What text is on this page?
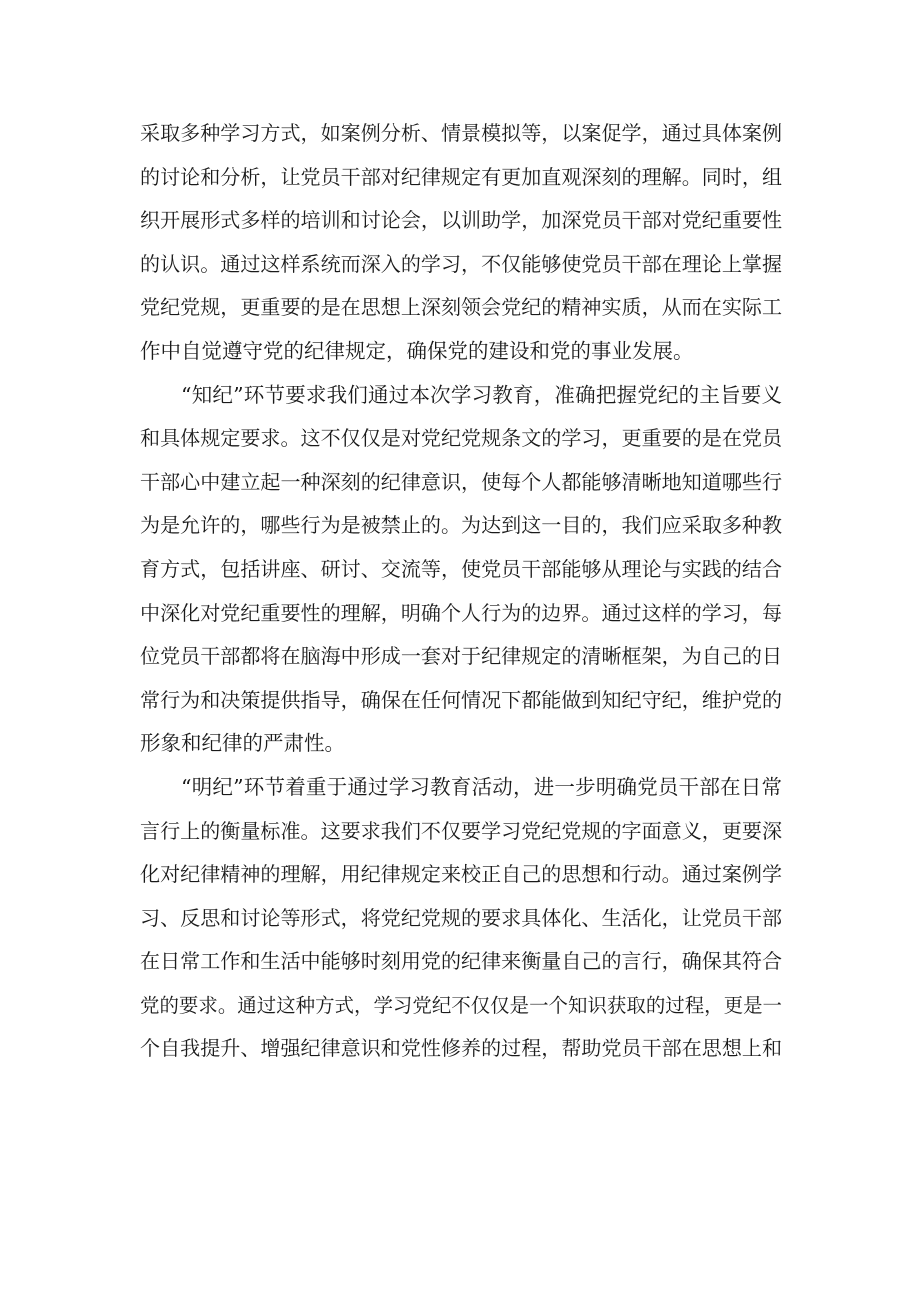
采取多种学习方式，如案例分析、情景模拟等，以案促学，通过具体案例
的讨论和分析，让党员干部对纪律规定有更加直观深刻的理解。同时，组
织开展形式多样的培训和讨论会，以训助学，加深党员干部对党纪重要性
的认识。通过这样系统而深入的学习，不仅能够使党员干部在理论上掌握
党纪党规，更重要的是在思想上深刻领会党纪的精神实质，从而在实际工
作中自觉遵守党的纪律规定，确保党的建设和党的事业发展。
“知纪”环节要求我们通过本次学习教育，准确把握党纪的主旨要义
和具体规定要求。这不仅仅是对党纪党规条文的学习，更重要的是在党员
干部心中建立起一种深刻的纪律意识，使每个人都能够清晰地知道哪些行
为是允许的，哪些行为是被禁止的。为达到这一目的，我们应采取多种教
育方式，包括讲座、研讨、交流等，使党员干部能够从理论与实践的结合
中深化对党纪重要性的理解，明确个人行为的边界。通过这样的学习，每
位党员干部都将在脑海中形成一套对于纪律规定的清晰框架，为自己的日
常行为和决策提供指导，确保在任何情况下都能做到知纪守纪，维护党的
形象和纪律的严肃性。
“明纪”环节着重于通过学习教育活动，进一步明确党员干部在日常
言行上的衡量标准。这要求我们不仅要学习党纪党规的字面意义，更要深
化对纪律精神的理解，用纪律规定来校正自己的思想和行动。通过案例学
习、反思和讨论等形式，将党纪党规的要求具体化、生活化，让党员干部
在日常工作和生活中能够时刻用党的纪律来衡量自己的言行，确保其符合
党的要求。通过这种方式，学习党纪不仅仅是一个知识获取的过程，更是一
个自我提升、增强纪律意识和党性修养的过程，帮助党员干部在思想上和
